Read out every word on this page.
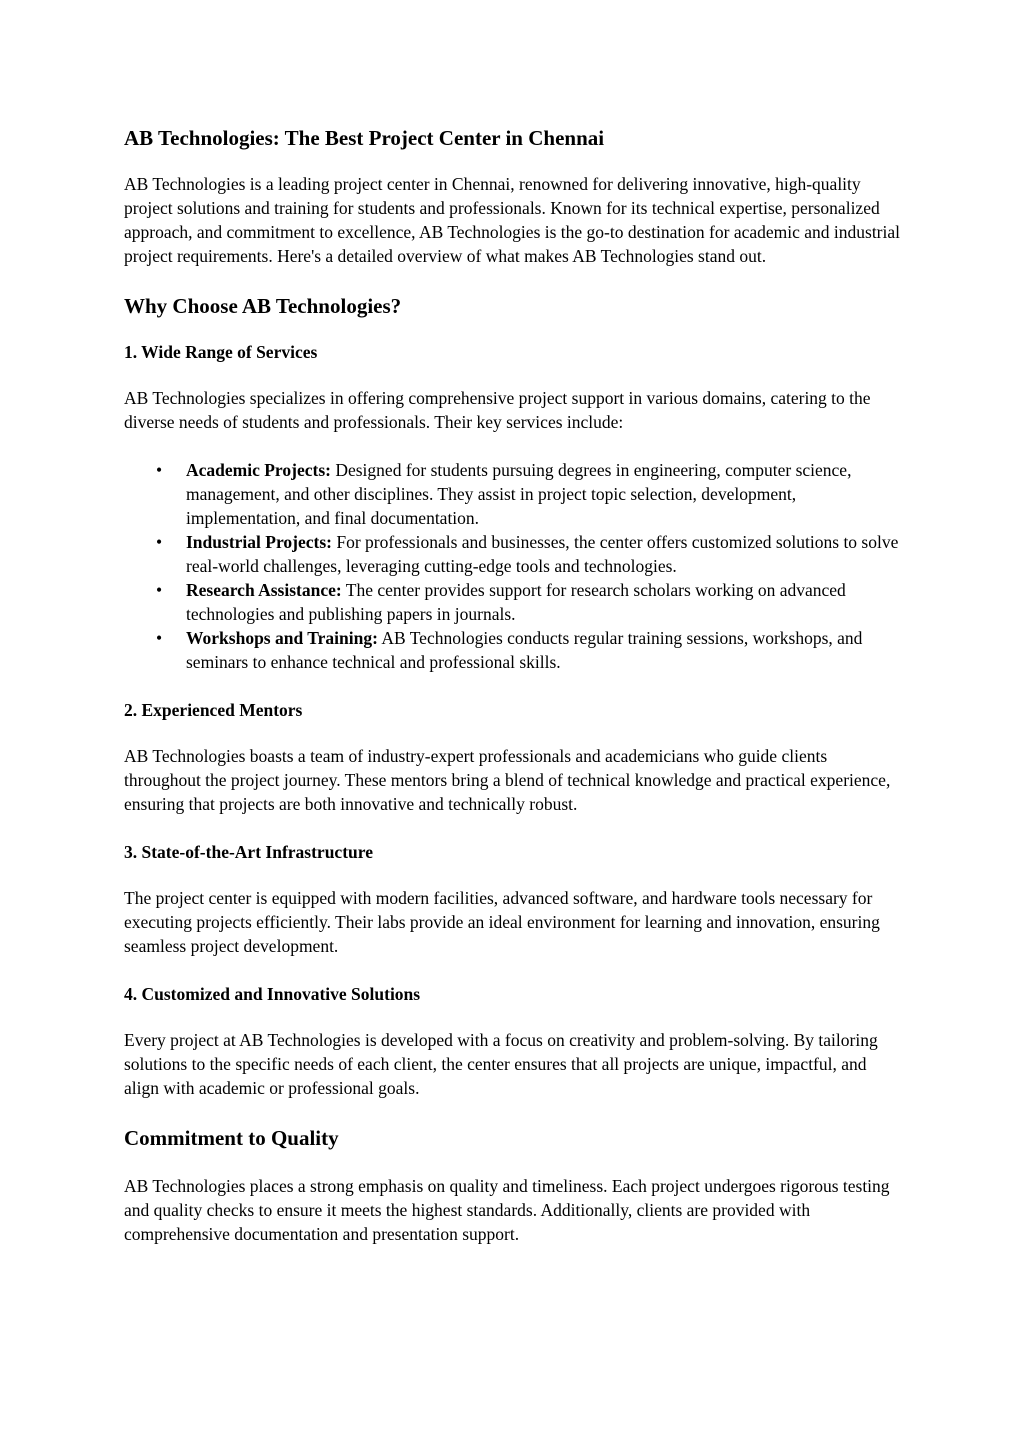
AB Technologies: The Best Project Center in Chennai

AB Technologies is a leading project center in Chennai, renowned for delivering innovative, high-quality project solutions and training for students and professionals. Known for its technical expertise, personalized approach, and commitment to excellence, AB Technologies is the go-to destination for academic and industrial project requirements. Here's a detailed overview of what makes AB Technologies stand out.

Why Choose AB Technologies?
1. Wide Range of Services

AB Technologies specializes in offering comprehensive project support in various domains, catering to the diverse needs of students and professionals. Their key services include:

• Academic Projects: Designed for students pursuing degrees in engineering, computer science, management, and other disciplines. They assist in project topic selection, development, implementation, and final documentation.
• Industrial Projects: For professionals and businesses, the center offers customized solutions to solve real-world challenges, leveraging cutting-edge tools and technologies.
• Research Assistance: The center provides support for research scholars working on advanced technologies and publishing papers in journals.
• Workshops and Training: AB Technologies conducts regular training sessions, workshops, and seminars to enhance technical and professional skills.
2. Experienced Mentors

AB Technologies boasts a team of industry-expert professionals and academicians who guide clients throughout the project journey. These mentors bring a blend of technical knowledge and practical experience, ensuring that projects are both innovative and technically robust.

3. State-of-the-Art Infrastructure

The project center is equipped with modern facilities, advanced software, and hardware tools necessary for executing projects efficiently. Their labs provide an ideal environment for learning and innovation, ensuring seamless project development.

4. Customized and Innovative Solutions

Every project at AB Technologies is developed with a focus on creativity and problem-solving. By tailoring solutions to the specific needs of each client, the center ensures that all projects are unique, impactful, and align with academic or professional goals.

Commitment to Quality

AB Technologies places a strong emphasis on quality and timeliness. Each project undergoes rigorous testing and quality checks to ensure it meets the highest standards. Additionally, clients are provided with comprehensive documentation and presentation support.
